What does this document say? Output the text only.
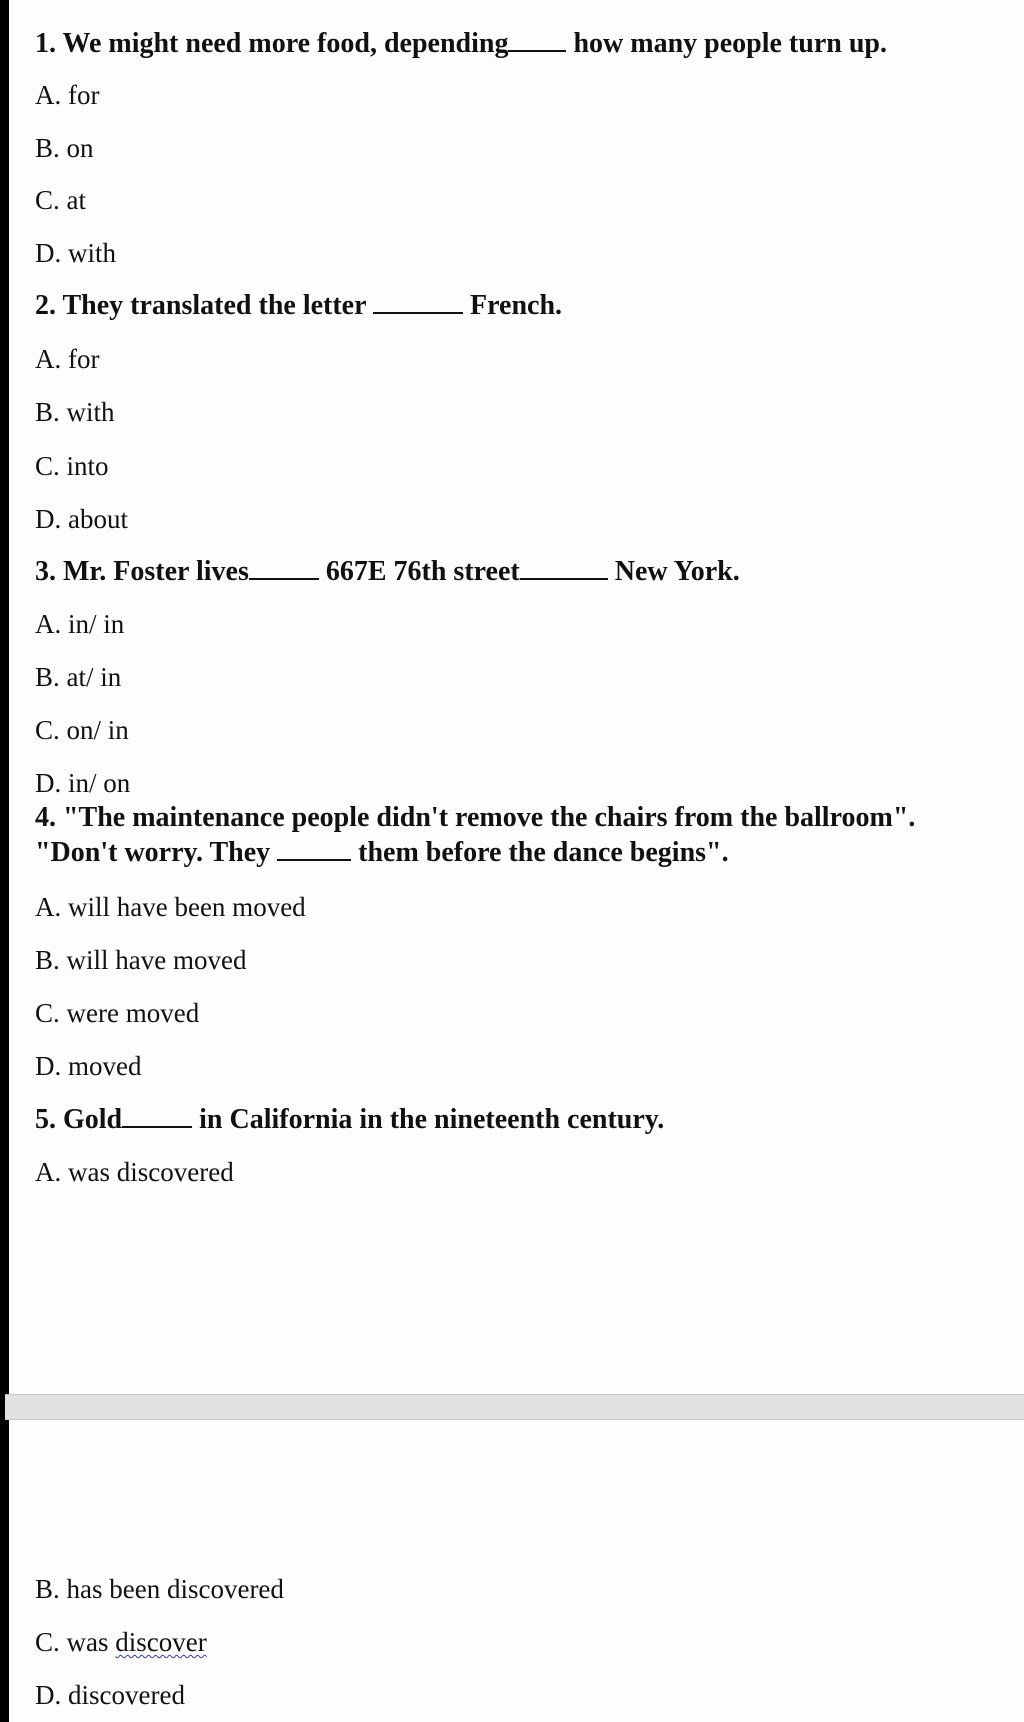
1. We might need more food, depending how many people turn up.
A. for
B. on
C. at
D. with
2. They translated the letter	French.
A. for
B. with
C. into
D. about
3. Mr. Foster lives	667E 76th street	New York.
A. in/ in
B. at/ in
C. on/ in
D. in/ on
4. "The maintenance people didn't remove the chairs from the ballroom".
"Don't worry. They	them before the dance begins".
A. will have been moved
B. will have moved
C. were moved
D. moved
5. Gold	in California in the nineteenth century.
A. was discovered
B. has been discovered
C. was discover
D. discovered
